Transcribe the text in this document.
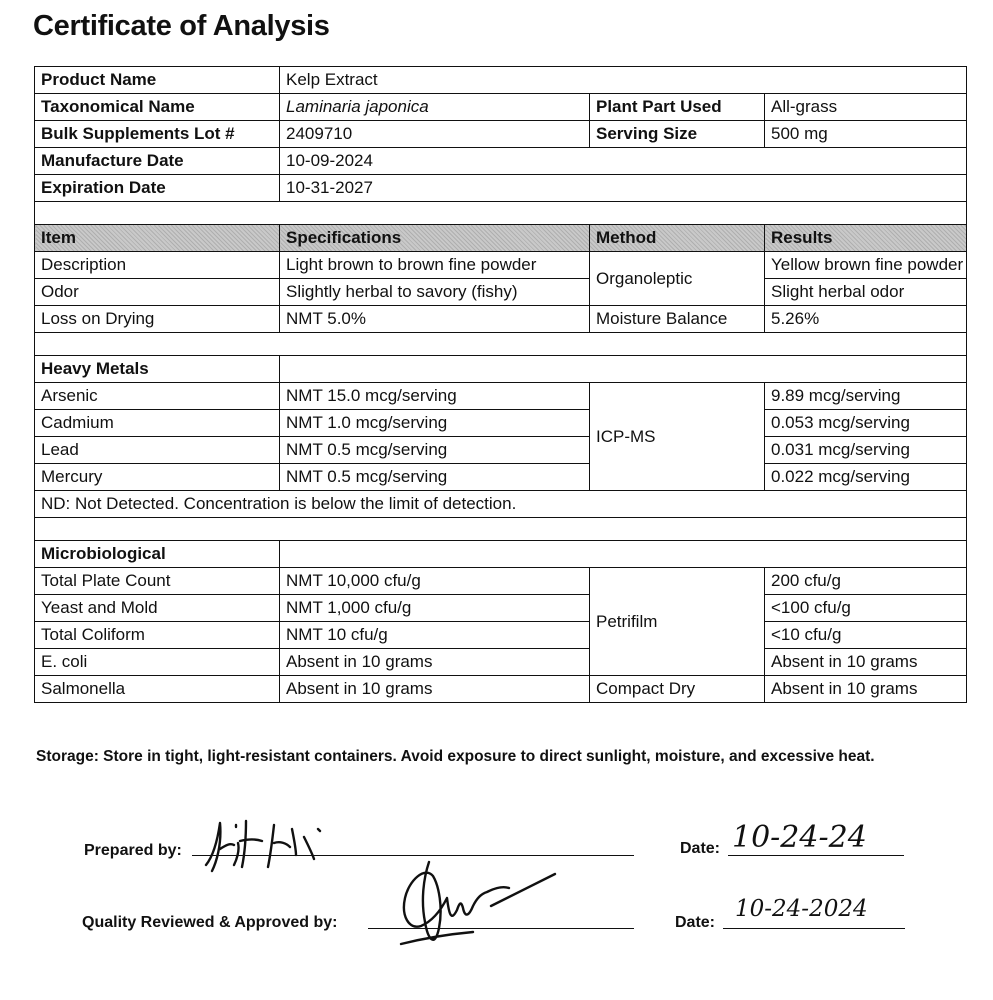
Certificate of Analysis
Product Name	Kelp Extract		
Taxonomical Name	Laminaria japonica	Plant Part Used	All-grass
Bulk Supplements Lot #	2409710	Serving Size	500 mg
Manufacture Date	10-09-2024		
Expiration Date	10-31-2027		

Item	Specifications	Method	Results
Description	Light brown to brown fine powder	Organoleptic	Yellow brown fine powder
Odor	Slightly herbal to savory (fishy)		Slight herbal odor
Loss on Drying	NMT 5.0%	Moisture Balance	5.26%

Heavy Metals			
Arsenic	NMT 15.0 mcg/serving	ICP-MS	9.89 mcg/serving
Cadmium	NMT 1.0 mcg/serving		0.053 mcg/serving
Lead	NMT 0.5 mcg/serving		0.031 mcg/serving
Mercury	NMT 0.5 mcg/serving		0.022 mcg/serving
ND: Not Detected. Concentration is below the limit of detection.			

Microbiological			
Total Plate Count	NMT 10,000 cfu/g	Petrifilm	200 cfu/g
Yeast and Mold	NMT 1,000 cfu/g		<100 cfu/g
Total Coliform	NMT 10 cfu/g		<10 cfu/g
E. coli	Absent in 10 grams		Absent in 10 grams
Salmonella	Absent in 10 grams	Compact Dry	Absent in 10 grams
Storage: Store in tight, light-resistant containers. Avoid exposure to direct sunlight, moisture, and excessive heat.
Prepared by:	Date: 10-24-24
Quality Reviewed & Approved by:	Date:
10-24-2024
